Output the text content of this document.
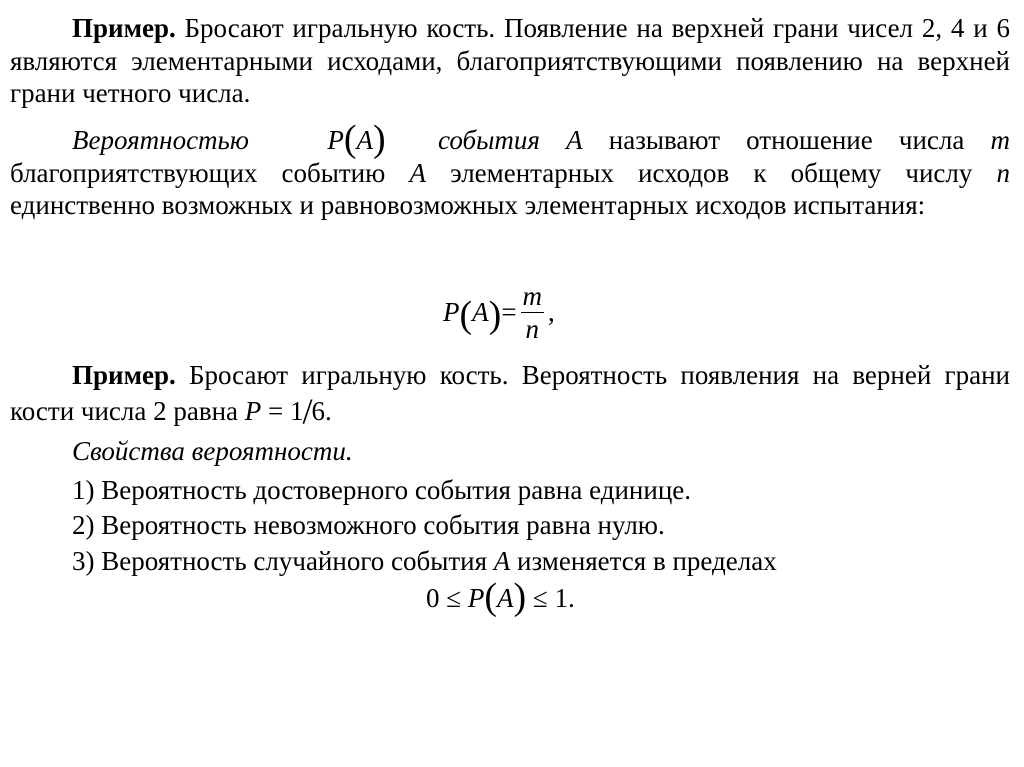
Пример. Бросают игральную кость. Появление на верхней грани чисел 2, 4 и 6 являются элементарными исходами, благоприятствующими появлению на верхней грани четного числа.

Вероятностью	P(A) события A называют отношение числа m благоприятствующих событию A элементарных исходов к общему числу n единственно возможных и равновозможных элементарных исходов испытания:

$P(A)= \frac{m}{n}$ ,

Пример. Бросают игральную кость. Вероятность появления на верней грани кости числа 2 равна P = 1/6.

Свойства вероятности.

1) Вероятность достоверного события равна единице.

2) Вероятность невозможного события равна нулю.

3) Вероятность случайного события A изменяется в пределах

0 ≤ P(A) ≤ 1.
